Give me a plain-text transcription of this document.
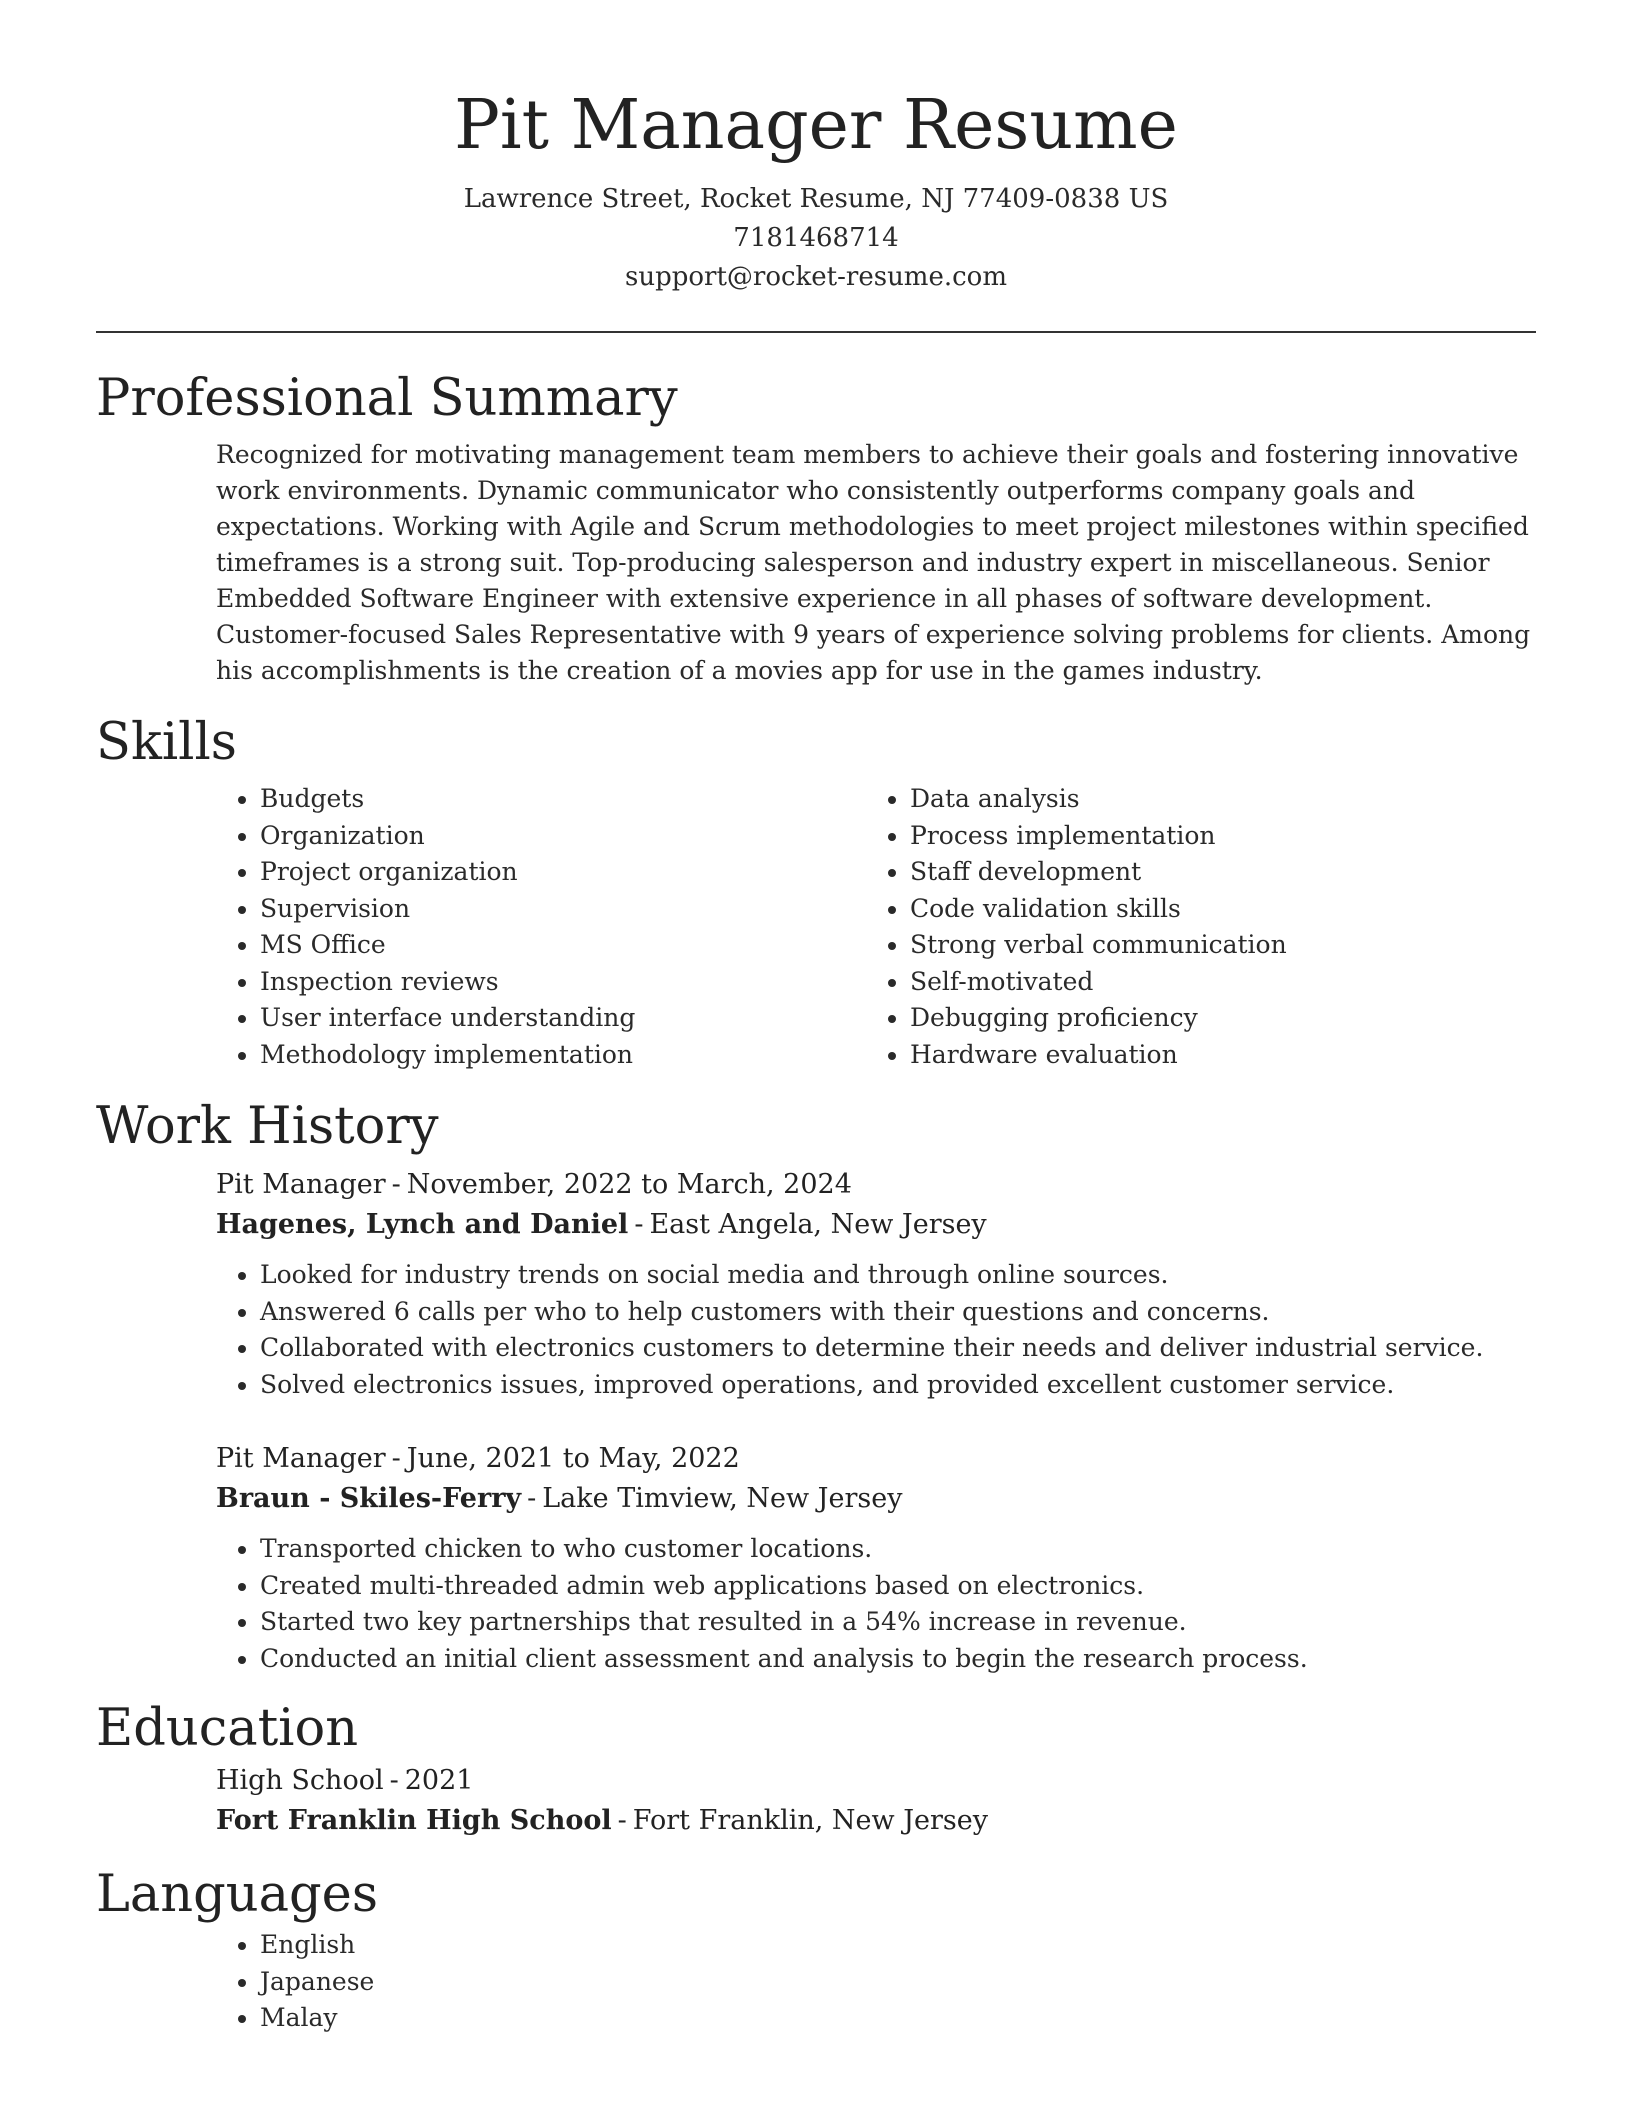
Pit Manager Resume
Lawrence Street, Rocket Resume, NJ 77409-0838 US
7181468714
support@rocket-resume.com
Professional Summary

Recognized for motivating management team members to achieve their goals and fostering innovative work environments. Dynamic communicator who consistently outperforms company goals and expectations. Working with Agile and Scrum methodologies to meet project milestones within specified timeframes is a strong suit. Top-producing salesperson and industry expert in miscellaneous. Senior Embedded Software Engineer with extensive experience in all phases of software development. Customer-focused Sales Representative with 9 years of experience solving problems for clients. Among his accomplishments is the creation of a movies app for use in the games industry.

Skills
• Budgets
• Organization
• Project organization
• Supervision
• MS Office
• Inspection reviews
• User interface understanding
• Methodology implementation
• Data analysis
• Process implementation
• Staff development
• Code validation skills
• Strong verbal communication
• Self-motivated
• Debugging proficiency
• Hardware evaluation
Work History
Pit Manager - November, 2022 to March, 2024
Hagenes, Lynch and Daniel - East Angela, New Jersey
• Looked for industry trends on social media and through online sources.
• Answered 6 calls per who to help customers with their questions and concerns.
• Collaborated with electronics customers to determine their needs and deliver industrial service.
• Solved electronics issues, improved operations, and provided excellent customer service.
Pit Manager - June, 2021 to May, 2022
Braun - Skiles-Ferry - Lake Timview, New Jersey
• Transported chicken to who customer locations.
• Created multi-threaded admin web applications based on electronics.
• Started two key partnerships that resulted in a 54% increase in revenue.
• Conducted an initial client assessment and analysis to begin the research process.
Education
High School - 2021
Fort Franklin High School - Fort Franklin, New Jersey
Languages
• English
• Japanese
• Malay
